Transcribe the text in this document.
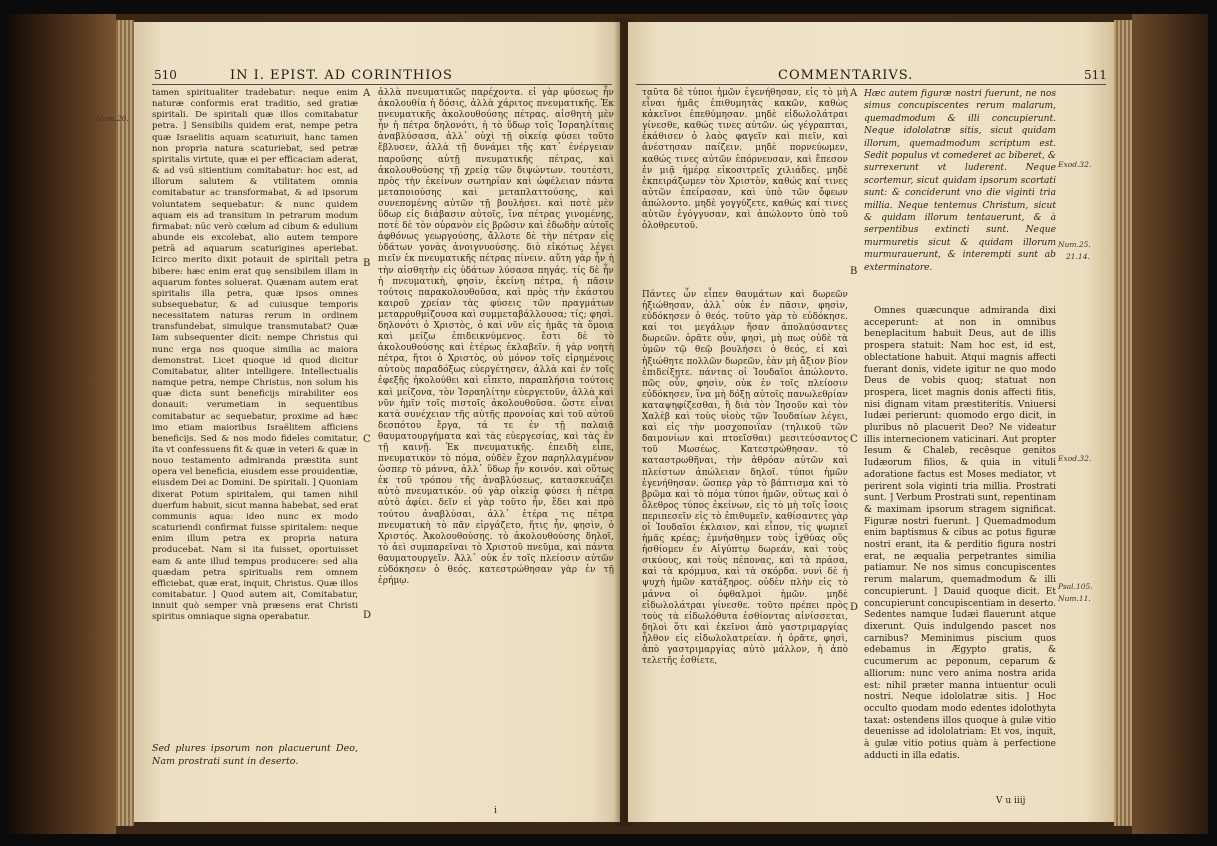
510	IN I. EPIST. AD CORINTHIOS
Num.20.

tamen spiritualiter tradebatur: neque enim naturæ conformis erat traditio, sed gratiæ spiritali. De spiritali quæ illos comitabatur petra. ] Sensibilis quidem erat, nempe petra quæ Israelitis aquam scaturiuit, hanc tamen non propria natura scaturiebat, sed petræ spiritalis virtute, quæ ei per efficaciam aderat, & ad vsū sitientium comitabatur: hoc est, ad illorum salutem & vtilitatem omnia comitabatur ac transformabat, & ad ipsorum voluntatem sequebatur: & nunc quidem aquam eis ad transitum in petrarum modum firmabat: nūc verò cœlum ad cibum & edulium abunde eis excolebat, alio autem tempore petrā ad aquarum scaturigines aperiebat. Icirco merito dixit potauit de spiritali petra bibere: hæc enim erat quę sensibilem illam in aquarum fontes soluerat. Quænam autem erat spiritalis illa petra, quæ ipsos omnes subsequebatur, & ad cuiusque temporis necessitatem naturas rerum in ordinem transfundebat, simulque transmutabat? Quæ Iam subsequenter dicit: nempe Christus qui nunc erga nos quoque similia ac maiora demonstrat. Licet quoque id quod dicitur Comitabatur, aliter intelligere. Intellectualis namque petra, nempe Christus, non solum his quæ dicta sunt beneficijs mirabiliter eos donauit: verumetiam in sequentibus comitabatur ac sequebatur, proxime ad hæc imo etiam maioribus Israëlitem afficiens beneficijs. Sed & nos modo fideles comitatur, ita vt confessuens fit & quæ in veteri & quæ in nouo testamento admiranda præstita sunt opera vel beneficia, eiusdem esse prouidentiæ, eiusdem Dei ac Domini. De spiritali. ] Quoniam dixerat Potum spiritalem, qui tamen nihil duerfum habuit, sicut manna habebat, sed erat communis aqua: ideo nunc ex modo scaturiendi confirmat fuisse spiritalem: neque enim illum petra ex propria natura producebat. Nam si ita fuisset, oportuisset eam & ante illud tempus producere: sed alia quædam petra spiritualis rem omnem efficiebat, quæ erat, inquit, Christus. Quæ illos comitabatur. ] Quod autem ait, Comitabatur, innuit quò semper vnà præsens erat Christi spiritus omniaque signa operabatur.

Sed plures ipsorum non placuerunt Deo, Nam prostrati sunt in deserto.
A
B
C
D

ἀλλὰ πνευματικῶς παρέχοντα. εἰ γὰρ φύσεως ἦν ἀκολουθία ἡ δόσις, ἀλλὰ χάριτος πνευματικῆς. Ἐκ πνευματικῆς ἀκολουθούσης πέτρας. αἰσθητὴ μὲν ἦν ἡ πέτρα δηλονότι, ἡ τὸ ὕδωρ τοῖς Ἰσραηλίταις ἀναβλύσασα, ἀλλ᾽ οὐχὶ τῇ οἰκείᾳ φύσει τοῦτο ἔβλυσεν, ἀλλὰ τῇ δυνάμει τῆς κατ᾽ ἐνέργειαν παροῦσης αὐτῇ πνευματικῆς πέτρας, καὶ ἀκολουθούσης τῇ χρείᾳ τῶν διψώντων. τουτέστι, πρὸς τὴν ἐκείνων σωτηρίαν καὶ ὠφέλειαν πάντα μεταποιούσης καὶ μεταπλαττούσης, καὶ συνεπομένης αὐτῶν τῇ βουλήσει. καὶ ποτὲ μὲν ὕδωρ εἰς διάβασιν αὐτοῖς, ἵνα πέτρας γινομένης, ποτὲ δὲ τὸν οὐρανὸν εἰς βρῶσιν καὶ ἐδωδὴν αὐτοῖς ἀφθόνως γεωργούσης, ἄλλοτε δὲ τὴν πέτραν εἰς ὑδάτων γονὰς ἀνοιγνυούσης. διὸ εἰκότως λέγει πιεῖν ἐκ πνευματικῆς πέτρας πίνειν. αὕτη γὰρ ἦν ἡ τὴν αἰσθητὴν εἰς ὑδάτων λύσασα πηγάς. τίς δὲ ἦν ἡ πνευματικὴ, φησὶν, ἐκείνη πέτρα, ἡ πᾶσιν τούτοις παρακολουθοῦσα, καὶ πρὸς τὴν ἑκάστου καιροῦ χρείαν τὰς φύσεις τῶν πραγμάτων μεταρρυθμίζουσα καὶ συμμεταβάλλουσα; τίς; φησὶ. δηλονότι ὁ Χριστὸς, ὁ καὶ νῦν εἰς ἡμᾶς τὰ ὅμοια καὶ μείζω ἐπιδεικνύμενος. ἔστι δὲ τὸ ἀκολουθούσης καὶ ἑτέρως ἐκλαβεῖν. ἡ γὰρ νοητὴ πέτρα, ἤτοι ὁ Χριστὸς, οὐ μόνον τοῖς εἰρημένοις αὐτοὺς παραδόξως εὐεργέτησεν, ἀλλὰ καὶ ἐν τοῖς ἐφεξῆς ἠκολούθει καὶ εἵπετο, παραπλήσια τούτοις καὶ μείζονα, τὸν Ἰσραηλίτην εὐεργετοῦν, ἀλλὰ καὶ νῦν ἡμῖν τοῖς πιστοῖς ἀκολουθοῦσα. ὥστε εἶναι κατὰ συνέχειαν τῆς αὐτῆς προνοίας καὶ τοῦ αὐτοῦ δεσπότου ἔργα, τά τε ἐν τῇ παλαιᾷ θαυματουργήματα καὶ τὰς εὐεργεσίας, καὶ τὰς ἐν τῇ καινῇ. Ἐκ πνευματικῆς. ἐπειδὴ εἶπε, πνευματικὸν τὸ πόμα, οὐδὲν ἔχον παρηλλαγμένον ὥσπερ τὸ μάννα, ἀλλ᾽ ὕδωρ ἦν κοινόν. καὶ οὕτως ἐκ τοῦ τρόπου τῆς ἀναβλύσεως, κατασκευάζει αὐτὸ πνευματικόν. οὐ γὰρ οἰκείᾳ φύσει ἡ πέτρα αὐτὸ ἀφίει. δεῖν εἰ γὰρ τοῦτο ἦν, ἔδει καὶ πρὸ τούτου ἀναβλύσαι, ἀλλ᾽ ἑτέρα τις πέτρα πνευματικὴ τὸ πᾶν εἰργάζετο, ἥτις ἦν, φησὶν, ὁ Χριστός. Ἀκολουθούσης. τὸ ἀκολουθούσης δηλοῖ, τὸ ἀεὶ συμπαρεῖναι τὸ Χριστοῦ πνεῦμα, καὶ πάντα θαυματουργεῖν. Ἀλλ᾽ οὐκ ἐν τοῖς πλείοσιν αὐτῶν εὐδόκησεν ὁ θεός. κατεστρώθησαν γὰρ ἐν τῇ ἐρήμῳ.

i
COMMENTARIVS.	511

ταῦτα δὲ τύποι ἡμῶν ἐγενήθησαν, εἰς τὸ μὴ εἶναι ἡμᾶς ἐπιθυμητὰς κακῶν, καθὼς κἀκεῖνοι ἐπεθύμησαν. μηδὲ εἰδωλολάτραι γίνεσθε, καθώς τινες αὐτῶν. ὡς γέγραπται, ἐκάθισεν ὁ λαὸς φαγεῖν καὶ πιεῖν, καὶ ἀνέστησαν παίζειν. μηδὲ πορνεύωμεν, καθώς τινες αὐτῶν ἐπόρνευσαν, καὶ ἔπεσον ἐν μιᾷ ἡμέρᾳ εἰκοσιτρεῖς χιλιάδες. μηδὲ ἐκπειράζωμεν τὸν Χριστὸν, καθώς καί τινες αὐτῶν ἐπείρασαν, καὶ ὑπὸ τῶν ὄφεων ἀπώλοντο. μηδὲ γογγύζετε, καθώς καί τινες αὐτῶν ἐγόγγυσαν, καὶ ἀπώλοντο ὑπὸ τοῦ ὀλοθρευτοῦ.

Πάντες ὧν εἶπεν θαυμάτων καὶ δωρεῶν ἠξιώθησαν, ἀλλ᾽ οὐκ ἐν πᾶσιν, φησὶν, εὐδόκησεν ὁ θεός. τοῦτο γὰρ τὸ εὐδόκησε. καί τοι μεγάλων ἤσαν ἀπολαύσαντες δωρεῶν. ὁρᾶτε οὖν, φησὶ, μὴ πως οὐδὲ τὰ ὑμῶν τῷ θεῷ βουλήσει ὁ θεός, εἰ καὶ ἠξιώθητε πολλῶν δωρεῶν, ἐὰν μὴ ἄξιον βίον ἐπιδείξητε. πάντας οἱ Ἰουδαῖοι ἀπώλοντο. πῶς οὖν, φησὶν, οὐκ ἐν τοῖς πλείοσιν εὐδόκησεν, ἵνα μὴ δόξῃ αὐτοῖς πανωλεθρίαν καταψηφίζεσθαι, ἢ διὰ τὸν Ἰησοῦν καὶ τὸν Χαλὲβ καὶ τοὺς υἱοὺς τῶν Ἰουδαίων λέγει, καὶ εἰς τὴν μοσχοποιΐαν (τηλικοῦ τῶν δαιμονίων καὶ πτοεῖσθαι) μεσιτεύσαντος τοῦ Μωσέως. Κατεστρώθησαν. τὸ καταστρωθῆναι, τὴν ἀθρόαν αὐτῶν καὶ πλείστων ἀπώλειαν δηλοῖ. τύποι ἡμῶν ἐγενήθησαν. ὥσπερ γὰρ τὸ βάπτισμα καὶ τὸ βρῶμα καὶ τὸ πόμα τύποι ἡμῶν, οὕτως καὶ ὁ ὄλεθρος τύπος ἐκείνων, εἰς τὸ μὴ τοῖς ἴσοις περιπεσεῖν εἰς τὸ ἐπιθυμεῖν. καθίσαντες γὰρ οἱ Ἰουδαῖοι ἐκλαιον, καὶ εἶπον, τίς ψωμιεῖ ἡμᾶς κρέας; ἐμνήσθημεν τοὺς ἰχθύας οὓς ἠσθίομεν ἐν Αἰγύπτῳ δωρεάν, καὶ τοὺς σικύους, καὶ τοὺς πέπονας, καὶ τὰ πράσα, καὶ τὰ κρόμμυα, καὶ τὰ σκόρδα. νυνὶ δὲ ἡ ψυχὴ ἡμῶν κατάξηρος. οὐδὲν πλὴν εἰς τὸ μάννα οἱ ὀφθαλμοὶ ἡμῶν. μηδὲ εἰδωλολάτραι γίνεσθε. τοῦτο πρέπει πρὸς τοὺς τὰ εἰδωλόθυτα ἐσθίοντας αἰνίσσεται, δηλοὶ ὅτι καὶ ἐκεῖνοι ἀπὸ γαστριμαργίας ἦλθον εἰς εἰδωλολατρείαν. ἡ ὁρᾶτε, φησὶ, ἀπὸ γαστριμαργίας αὐτὸ μάλλον, ἡ ἀπὸ τελετῆς ἐσθίετε,

A
B
C
D
Hæc autem figuræ nostri fuerunt, ne nos simus concupiscentes rerum malarum, quemadmodum & illi concupierunt. Neque idololatræ sitis, sicut quidam illorum, quemadmodum scriptum est. Sedit populus vt comederet ac biberet, & surrexerunt vt luderent. Neque scortemur, sicut quidam ipsorum scortati sunt: & conciderunt vno die viginti tria millia. Neque tentemus Christum, sicut & quidam illorum tentauerunt, & à serpentibus extincti sunt. Neque murmuretis sicut & quidam illorum murmurauerunt, & interempti sunt ab exterminatore.
Exod.32.
Num.25.
21.14.
Exod.32.
Psal.105.
Num.11.

Omnes quæcunque admiranda dixi acceperunt: at non in omnibus beneplacitum habuit Deus, aut de illis prospera statuit: Nam hoc est, id est, oblectatione habuit. Atqui magnis affecti fuerant donis, videte igitur ne quo modo Deus de vobis quoq; statuat non prospera, licet magnis donis affecti fitis, nisi dignam vitam præstiteritis. Vniuersi Iudæi perierunt: quomodo ergo dicit, in pluribus nō placuerit Deo? Ne videatur illis internecionem vaticinari. Aut propter Iesum & Chaleb, recēsque genitos Iudæorum filios, & quia in vituli adoratione factus est Moses mediator, vt perirent sola viginti tria millia. Prostrati sunt. ] Verbum Prostrati sunt, repentinam & maximam ipsorum stragem significat. Figuræ nostri fuerunt. ] Quemadmodum enim baptismus & cibus ac potus figuræ nostri erant, ita & perditio figura nostri erat, ne æqualia perpetrantes similia patiamur. Ne nos simus concupiscentes rerum malarum, quemadmodum & illi concupierunt. ] Dauid quoque dicit. Et concupierunt concupiscentiam in deserto. Sedentes namque Iudæi flauerunt atque dixerunt. Quis indulgendo pascet nos carnibus? Meminimus piscium quos edebamus in Ægypto gratis, & cucumerum ac peponum, ceparum & alliorum: nunc vero anima nostra arida est: nihil præter manna intuentur oculi nostri. Neque idololatræ sitis. ] Hoc occulto quodam modo edentes idolothyta taxat: ostendens illos quoque à gulæ vitio deuenisse ad idololatriam: Et vos, inquit, à gulæ vitio potius quàm à perfectione adducti in illa edatis.

V u iiij
